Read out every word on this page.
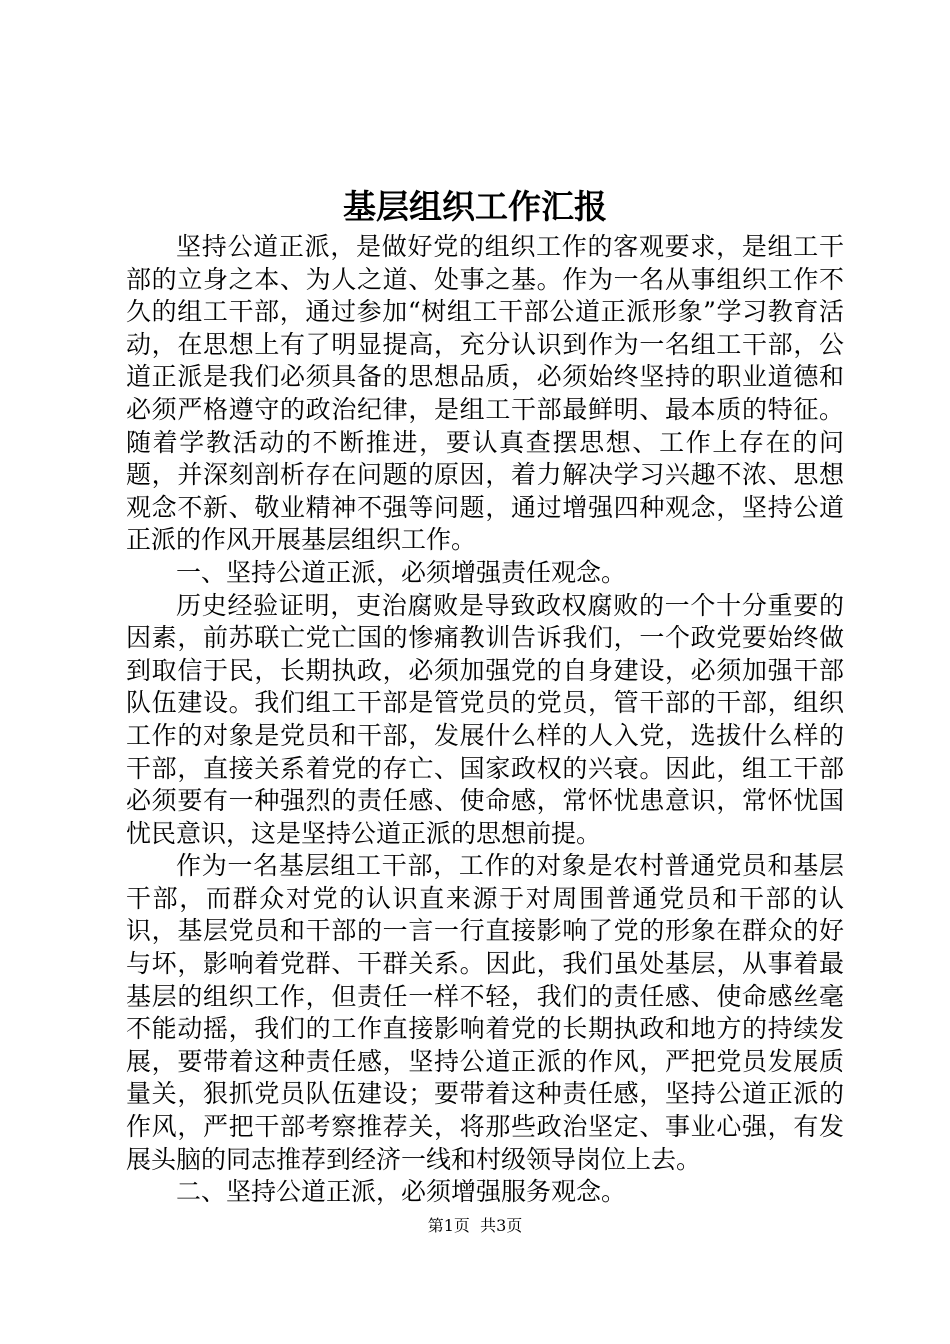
基层组织工作汇报

坚持公道正派，是做好党的组织工作的客观要求，是组工干部的立身之本、为人之道、处事之基。作为一名从事组织工作不久的组工干部，通过参加“树组工干部公道正派形象”学习教育活动，在思想上有了明显提高，充分认识到作为一名组工干部，公道正派是我们必须具备的思想品质，必须始终坚持的职业道德和必须严格遵守的政治纪律，是组工干部最鲜明、最本质的特征。随着学教活动的不断推进，要认真查摆思想、工作上存在的问题，并深刻剖析存在问题的原因，着力解决学习兴趣不浓、思想观念不新、敬业精神不强等问题，通过增强四种观念，坚持公道正派的作风开展基层组织工作。

一、坚持公道正派，必须增强责任观念。

历史经验证明，吏治腐败是导致政权腐败的一个十分重要的因素，前苏联亡党亡国的惨痛教训告诉我们，一个政党要始终做到取信于民，长期执政，必须加强党的自身建设，必须加强干部队伍建设。我们组工干部是管党员的党员，管干部的干部，组织工作的对象是党员和干部，发展什么样的人入党，选拔什么样的干部，直接关系着党的存亡、国家政权的兴衰。因此，组工干部必须要有一种强烈的责任感、使命感，常怀忧患意识，常怀忧国忧民意识，这是坚持公道正派的思想前提。

作为一名基层组工干部，工作的对象是农村普通党员和基层干部，而群众对党的认识直来源于对周围普通党员和干部的认识，基层党员和干部的一言一行直接影响了党的形象在群众的好与坏，影响着党群、干群关系。因此，我们虽处基层，从事着最基层的组织工作，但责任一样不轻，我们的责任感、使命感丝毫不能动摇，我们的工作直接影响着党的长期执政和地方的持续发展，要带着这种责任感，坚持公道正派的作风，严把党员发展质量关，狠抓党员队伍建设；要带着这种责任感，坚持公道正派的作风，严把干部考察推荐关，将那些政治坚定、事业心强，有发展头脑的同志推荐到经济一线和村级领导岗位上去。

二、坚持公道正派，必须增强服务观念。

第1页 共3页
